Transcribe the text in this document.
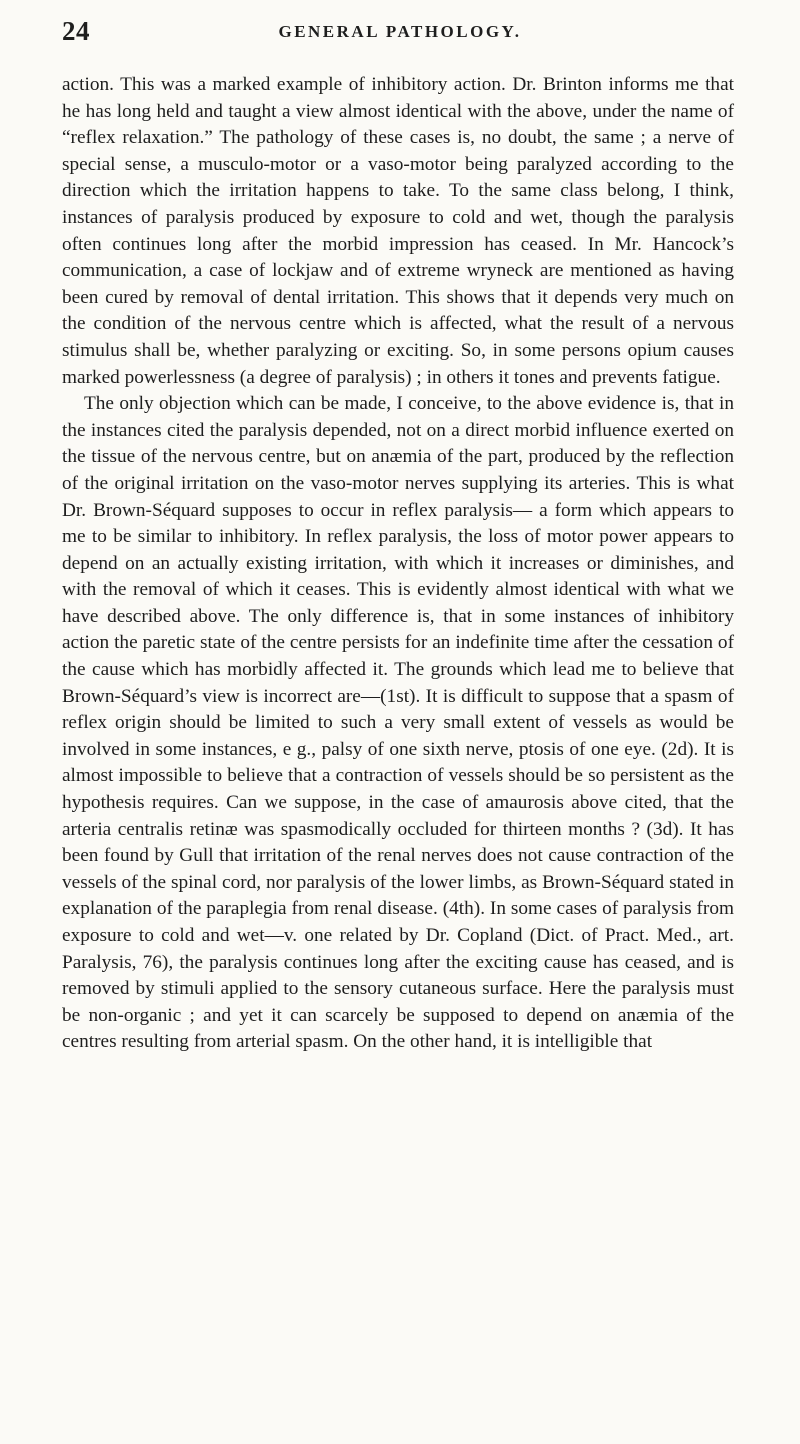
24	GENERAL PATHOLOGY.

action. This was a marked example of inhibitory action. Dr. Brinton informs me that he has long held and taught a view almost identical with the above, under the name of “reflex relaxation.” The pathology of these cases is, no doubt, the same ; a nerve of special sense, a musculo-motor or a vaso-motor being paralyzed according to the direction which the irritation happens to take. To the same class belong, I think, instances of paralysis produced by exposure to cold and wet, though the paralysis often continues long after the morbid impression has ceased. In Mr. Hancock’s communication, a case of lockjaw and of extreme wryneck are mentioned as having been cured by removal of dental irritation. This shows that it depends very much on the condition of the nervous centre which is affected, what the result of a nervous stimulus shall be, whether paralyzing or exciting. So, in some persons opium causes marked powerlessness (a degree of paralysis) ; in others it tones and prevents fatigue.

The only objection which can be made, I conceive, to the above evidence is, that in the instances cited the paralysis depended, not on a direct morbid influence exerted on the tissue of the nervous centre, but on anæmia of the part, produced by the reflection of the original irritation on the vaso-motor nerves supplying its arteries. This is what Dr. Brown-Séquard supposes to occur in reflex paralysis— a form which appears to me to be similar to inhibitory. In reflex paralysis, the loss of motor power appears to depend on an actually existing irritation, with which it increases or diminishes, and with the removal of which it ceases. This is evidently almost identical with what we have described above. The only difference is, that in some instances of inhibitory action the paretic state of the centre persists for an indefinite time after the cessation of the cause which has morbidly affected it. The grounds which lead me to believe that Brown-Séquard’s view is incorrect are—(1st). It is difficult to suppose that a spasm of reflex origin should be limited to such a very small extent of vessels as would be involved in some instances, e g., palsy of one sixth nerve, ptosis of one eye. (2d). It is almost impossible to believe that a contraction of vessels should be so persistent as the hypothesis requires. Can we suppose, in the case of amaurosis above cited, that the arteria centralis retinæ was spasmodically occluded for thirteen months ? (3d). It has been found by Gull that irritation of the renal nerves does not cause contraction of the vessels of the spinal cord, nor paralysis of the lower limbs, as Brown-Séquard stated in explanation of the paraplegia from renal disease. (4th). In some cases of paralysis from exposure to cold and wet—v. one related by Dr. Copland (Dict. of Pract. Med., art. Paralysis, 76), the paralysis continues long after the exciting cause has ceased, and is removed by stimuli applied to the sensory cutaneous surface. Here the paralysis must be non-organic ; and yet it can scarcely be supposed to depend on anæmia of the centres resulting from arterial spasm. On the other hand, it is intelligible that
